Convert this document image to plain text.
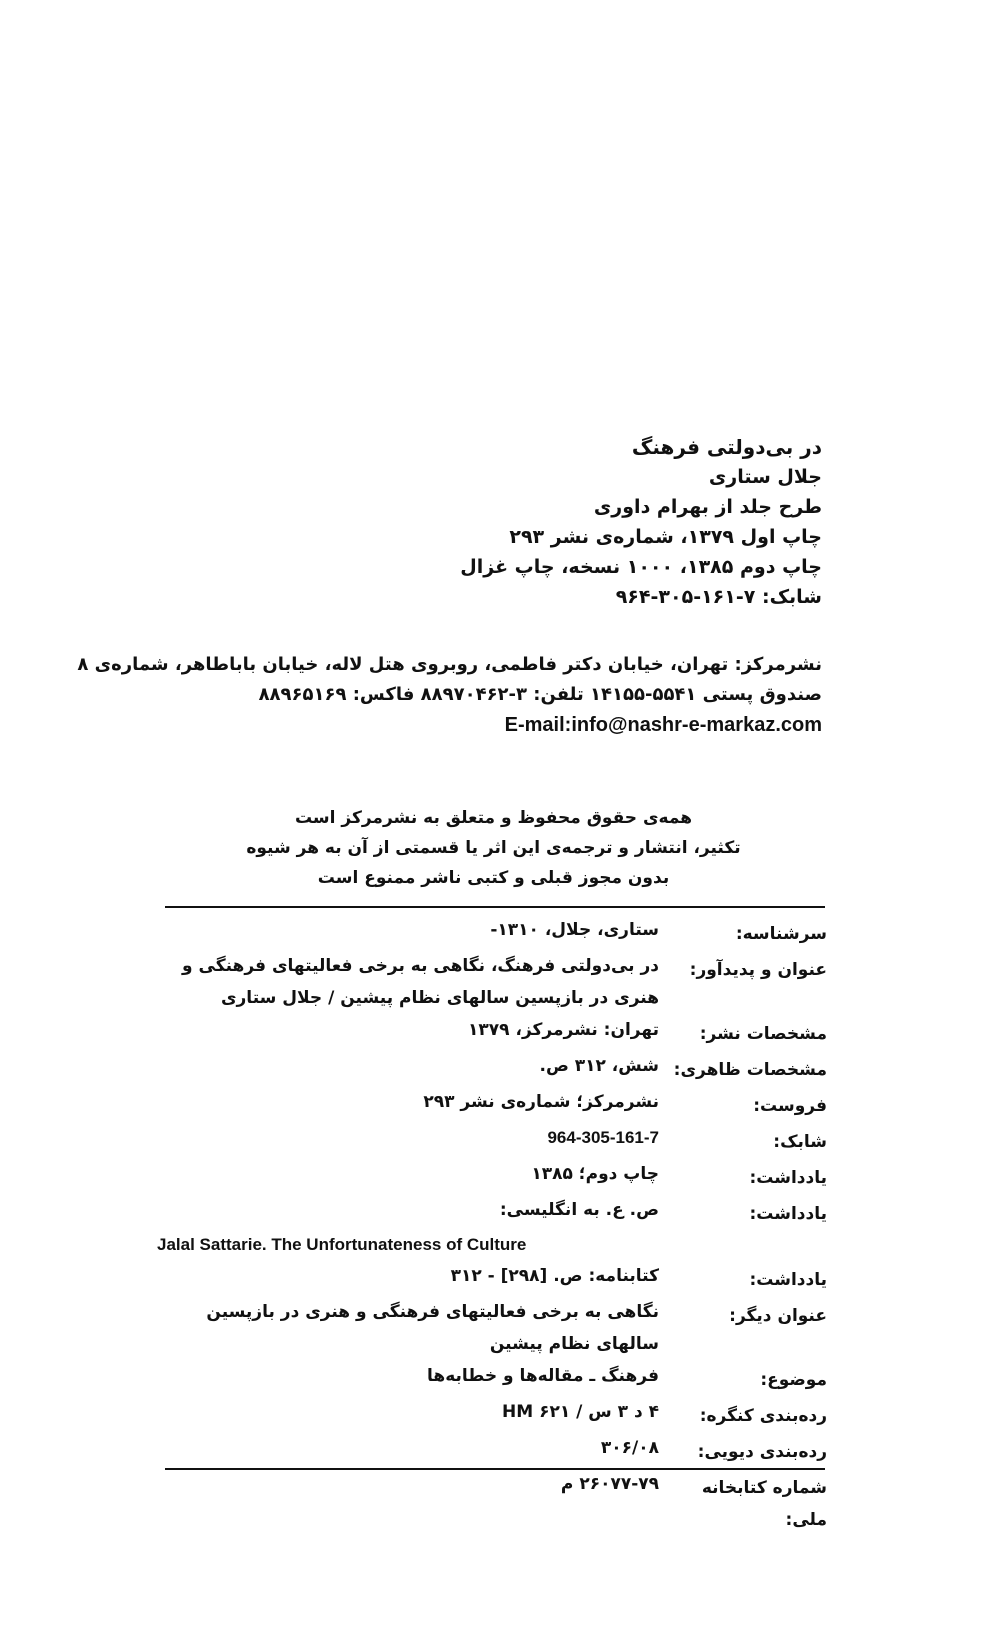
در بی‌دولتی فرهنگ
جلال ستاری
طرح جلد از بهرام داوری
چاپ اول ۱۳۷۹، شماره‌ی نشر ۲۹۳
چاپ دوم ۱۳۸۵، ۱۰۰۰ نسخه، چاپ غزال
شابک: ۷-۱۶۱-۳۰۵-۹۶۴
نشرمرکز: تهران، خیابان دکتر فاطمی، روبروی هتل لاله، خیابان باباطاهر، شماره‌ی ۸
صندوق پستی ۵۵۴۱-۱۴۱۵۵ تلفن: ۳-۸۸۹۷۰۴۶۲ فاکس: ۸۸۹۶۵۱۶۹
E-mail:info@nashr-e-markaz.com
همه‌ی حقوق محفوظ و متعلق به نشرمرکز است
تکثیر، انتشار و ترجمه‌ی این اثر یا قسمتی از آن به هر شیوه
بدون مجوز قبلی و کتبی ناشر ممنوع است
سرشناسه:
ستاری، جلال، ۱۳۱۰-
عنوان و پدیدآور:
در بی‌دولتی فرهنگ، نگاهی به برخی فعالیتهای فرهنگی و هنری در بازپسین سالهای نظام پیشین / جلال ستاری
مشخصات نشر:
تهران: نشرمرکز، ۱۳۷۹
مشخصات ظاهری:
شش، ۳۱۲ ص.
فروست:
نشرمرکز؛ شماره‌ی نشر ۲۹۳
شابک:
964-305-161-7
یادداشت:
چاپ دوم؛ ۱۳۸۵
یادداشت:
ص. ع. به انگلیسی:
Jalal Sattarie. The Unfortunateness of Culture
یادداشت:
کتابنامه: ص. [۲۹۸] - ۳۱۲
عنوان دیگر:
نگاهی به برخی فعالیتهای فرهنگی و هنری در بازپسین سالهای نظام پیشین
موضوع:
فرهنگ ـ مقاله‌ها و خطابه‌ها
رده‌بندی کنگره:
۴ د ۳ س / HM ۶۲۱
رده‌بندی دیویی:
۳۰۶/۰۸
شماره کتابخانه ملی:
۲۶۰۷۷-۷۹ م
